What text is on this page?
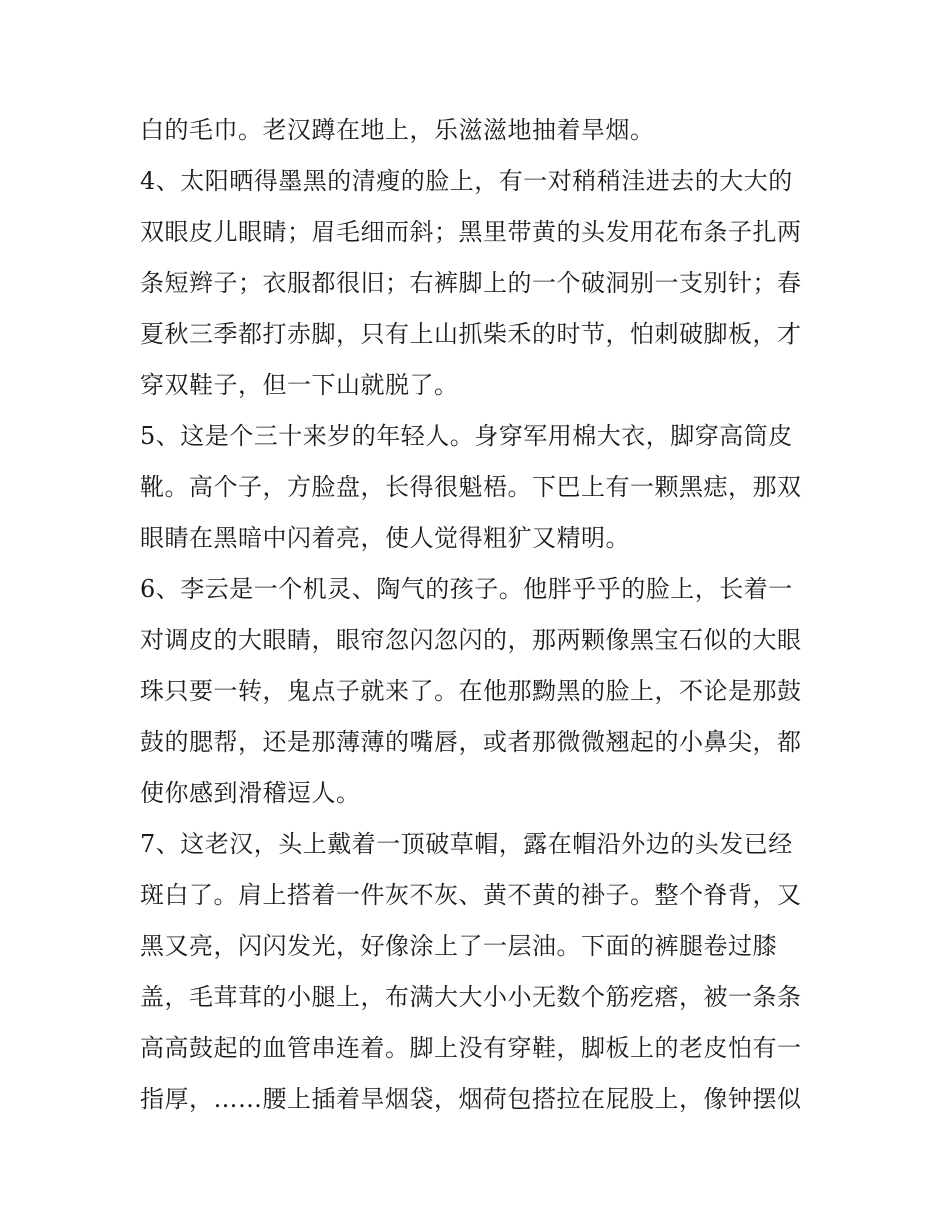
白的毛巾。老汉蹲在地上，乐滋滋地抽着旱烟。
4、太阳晒得墨黑的清瘦的脸上，有一对稍稍洼进去的大大的
双眼皮儿眼睛；眉毛细而斜；黑里带黄的头发用花布条子扎两
条短辫子；衣服都很旧；右裤脚上的一个破洞别一支别针；春
夏秋三季都打赤脚，只有上山抓柴禾的时节，怕刺破脚板，才
穿双鞋子，但一下山就脱了。
5、这是个三十来岁的年轻人。身穿军用棉大衣，脚穿高筒皮
靴。高个子，方脸盘，长得很魁梧。下巴上有一颗黑痣，那双
眼睛在黑暗中闪着亮，使人觉得粗犷又精明。
6、李云是一个机灵、陶气的孩子。他胖乎乎的脸上，长着一
对调皮的大眼睛，眼帘忽闪忽闪的，那两颗像黑宝石似的大眼
珠只要一转，鬼点子就来了。在他那黝黑的脸上，不论是那鼓
鼓的腮帮，还是那薄薄的嘴唇，或者那微微翘起的小鼻尖，都
使你感到滑稽逗人。
7、这老汉，头上戴着一顶破草帽，露在帽沿外边的头发已经
斑白了。肩上搭着一件灰不灰、黄不黄的褂子。整个脊背，又
黑又亮，闪闪发光，好像涂上了一层油。下面的裤腿卷过膝
盖，毛茸茸的小腿上，布满大大小小无数个筋疙瘩，被一条条
高高鼓起的血管串连着。脚上没有穿鞋，脚板上的老皮怕有一
指厚，……腰上插着旱烟袋，烟荷包搭拉在屁股上，像钟摆似
